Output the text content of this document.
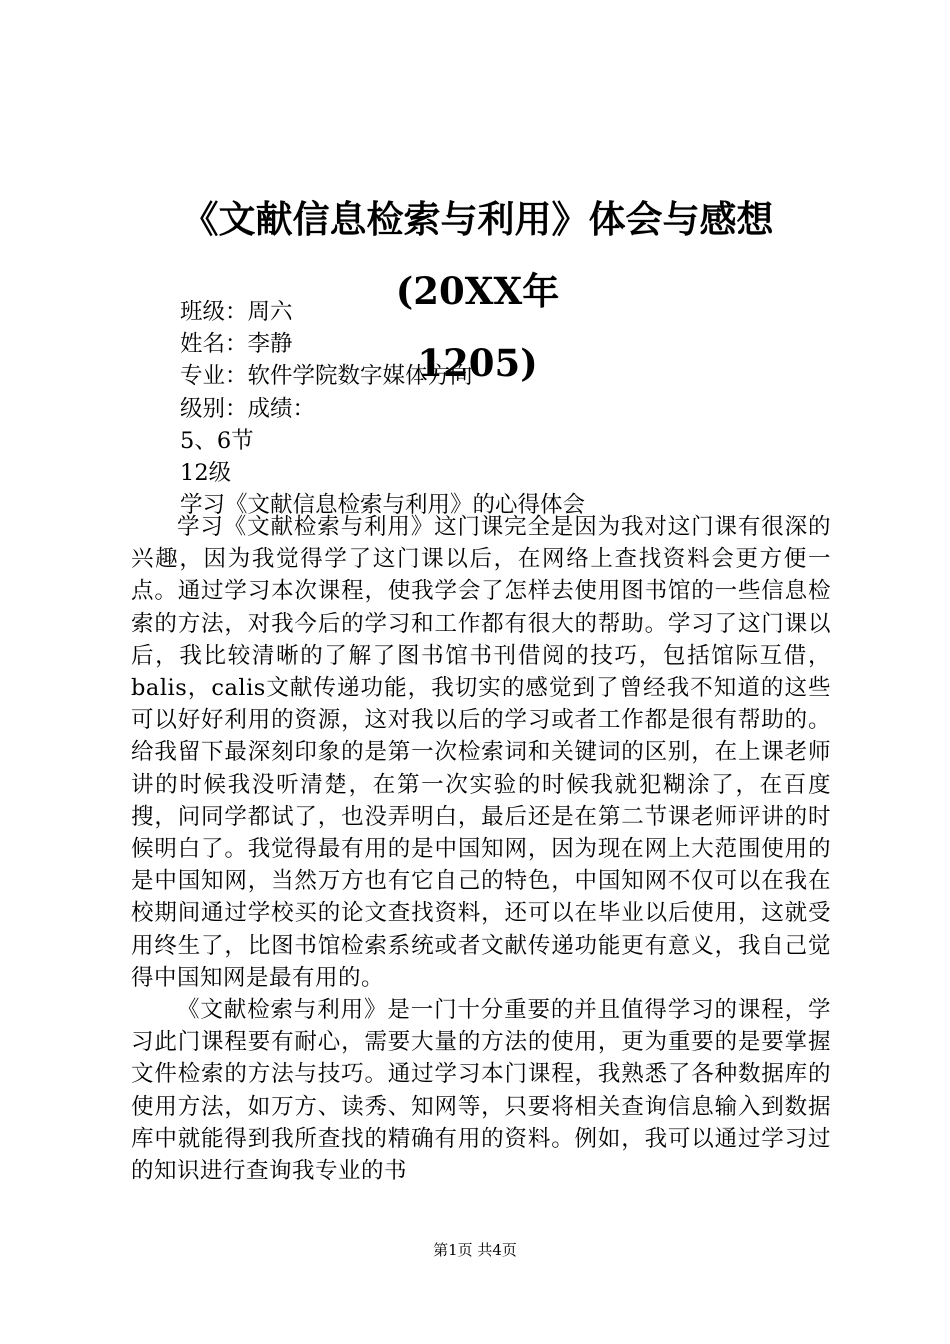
《文献信息检索与利用》体会与感想(20XX年
1205)
班级：周六
姓名：李静
专业：软件学院数字媒体方向
级别：成绩：
5、6节
12级
学习《文献信息检索与利用》的心得体会

学习《文献检索与利用》这门课完全是因为我对这门课有很深的兴趣，因为我觉得学了这门课以后，在网络上查找资料会更方便一点。通过学习本次课程，使我学会了怎样去使用图书馆的一些信息检索的方法，对我今后的学习和工作都有很大的帮助。学习了这门课以后，我比较清晰的了解了图书馆书刊借阅的技巧，包括馆际互借，balis，calis文献传递功能，我切实的感觉到了曾经我不知道的这些可以好好利用的资源，这对我以后的学习或者工作都是很有帮助的。给我留下最深刻印象的是第一次检索词和关键词的区别，在上课老师讲的时候我没听清楚，在第一次实验的时候我就犯糊涂了，在百度搜，问同学都试了，也没弄明白，最后还是在第二节课老师评讲的时候明白了。我觉得最有用的是中国知网，因为现在网上大范围使用的是中国知网，当然万方也有它自己的特色，中国知网不仅可以在我在校期间通过学校买的论文查找资料，还可以在毕业以后使用，这就受用终生了，比图书馆检索系统或者文献传递功能更有意义，我自己觉得中国知网是最有用的。

《文献检索与利用》是一门十分重要的并且值得学习的课程，学习此门课程要有耐心，需要大量的方法的使用，更为重要的是要掌握文件检索的方法与技巧。通过学习本门课程，我熟悉了各种数据库的使用方法，如万方、读秀、知网等，只要将相关查询信息输入到数据库中就能得到我所查找的精确有用的资料。例如，我可以通过学习过的知识进行查询我专业的书

第1页 共4页
